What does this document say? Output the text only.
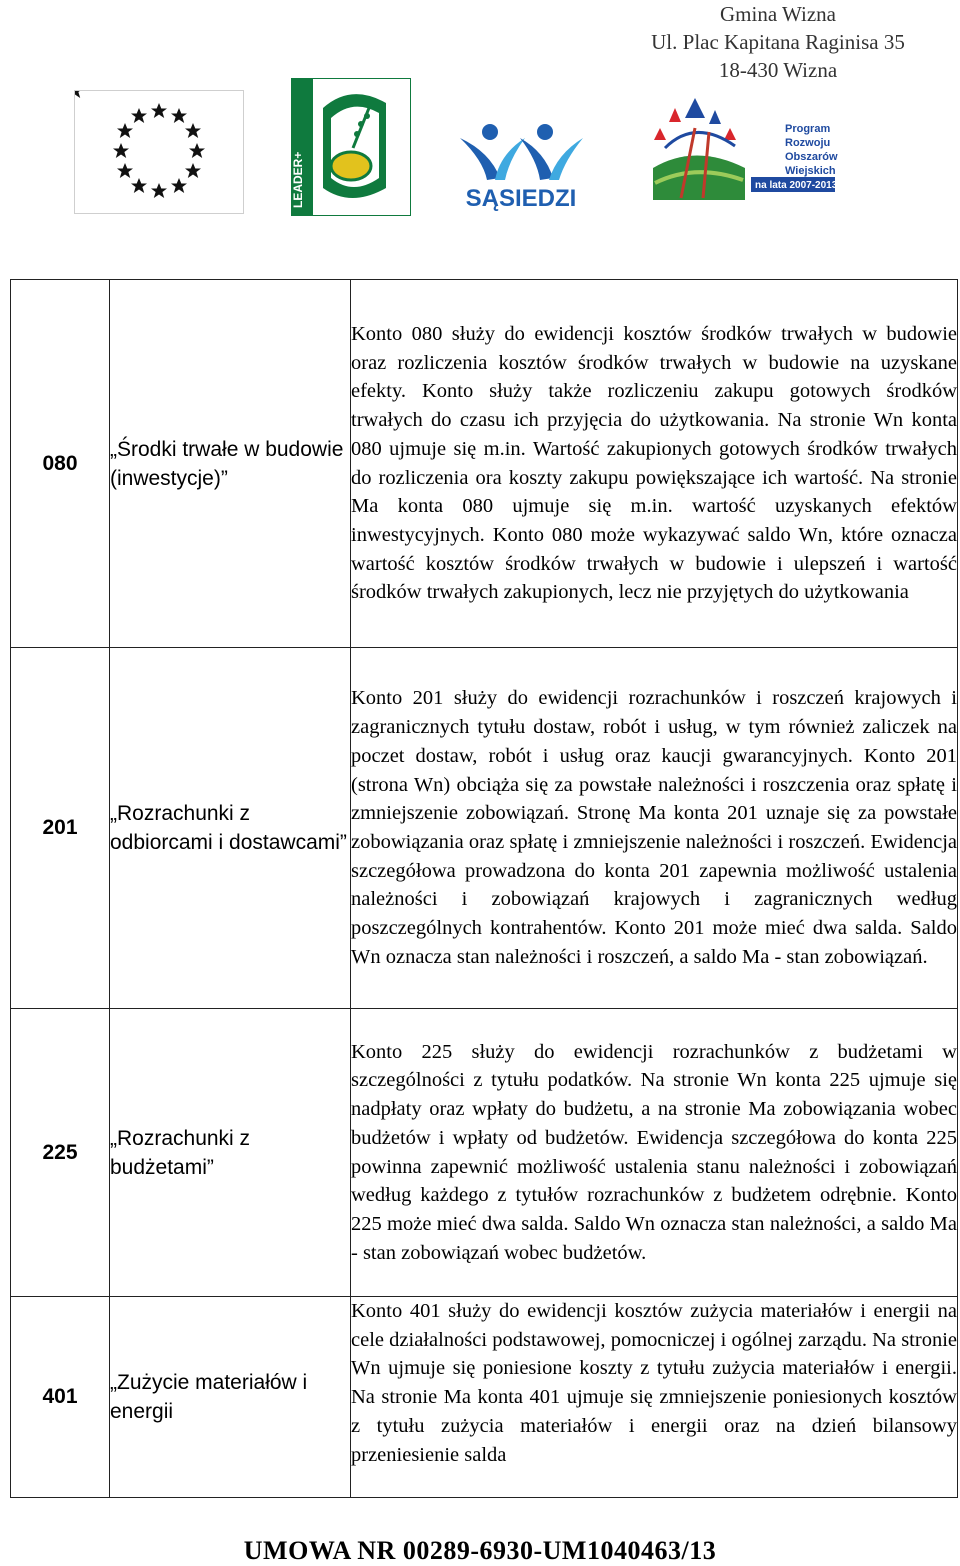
Gmina Wizna
Ul. Plac Kapitana Raginisa 35
18-430 Wizna
LEADER+	SĄSIEDZI
Program
Rozwoju
Obszarów
Wiejskich
na lata 2007-2013
080	„Środki trwałe w budowie (inwestycje)”	Konto 080 służy do ewidencji kosztów środków trwałych w budowie oraz rozliczenia kosztów środków trwałych w budowie na uzyskane efekty. Konto służy także rozliczeniu zakupu gotowych środków trwałych do czasu ich przyjęcia do użytkowania. Na stronie Wn konta 080 ujmuje się m.in. Wartość zakupionych gotowych środków trwałych do rozliczenia ora koszty zakupu powiększające ich wartość. Na stronie Ma konta 080 ujmuje się m.in. wartość uzyskanych efektów inwestycyjnych. Konto 080 może wykazywać saldo Wn, które oznacza wartość kosztów środków trwałych w budowie i ulepszeń i wartość środków trwałych zakupionych, lecz nie przyjętych do użytkowania
201	„Rozrachunki z odbiorcami i dostawcami”	Konto 201 służy do ewidencji rozrachunków i roszczeń krajowych i zagranicznych tytułu dostaw, robót i usług, w tym również zaliczek na poczet dostaw, robót i usług oraz kaucji gwarancyjnych. Konto 201 (strona Wn) obciąża się za powstałe należności i roszczenia oraz spłatę i zmniejszenie zobowiązań. Stronę Ma konta 201 uznaje się za powstałe zobowiązania oraz spłatę i zmniejszenie należności i roszczeń. Ewidencja szczegółowa prowadzona do konta 201 zapewnia możliwość ustalenia należności i zobowiązań krajowych i zagranicznych według poszczególnych kontrahentów. Konto 201 może mieć dwa salda. Saldo Wn oznacza stan należności i roszczeń, a saldo Ma - stan zobowiązań.
225	„Rozrachunki z budżetami”	Konto 225 służy do ewidencji rozrachunków z budżetami w szczególności z tytułu podatków. Na stronie Wn konta 225 ujmuje się nadpłaty oraz wpłaty do budżetu, a na stronie Ma zobowiązania wobec budżetów i wpłaty od budżetów. Ewidencja szczegółowa do konta 225 powinna zapewnić możliwość ustalenia stanu należności i zobowiązań według każdego z tytułów rozrachunków z budżetem odrębnie. Konto 225 może mieć dwa salda. Saldo Wn oznacza stan należności, a saldo Ma - stan zobowiązań wobec budżetów.
401	„Zużycie materiałów i energii	Konto 401 służy do ewidencji kosztów zużycia materiałów i energii na cele działalności podstawowej, pomocniczej i ogólnej zarządu. Na stronie Wn ujmuje się poniesione koszty z tytułu zużycia materiałów i energii. Na stronie Ma konta 401 ujmuje się zmniejszenie poniesionych kosztów z tytułu zużycia materiałów i energii oraz na dzień bilansowy przeniesienie salda
UMOWA NR 00289-6930-UM1040463/13
